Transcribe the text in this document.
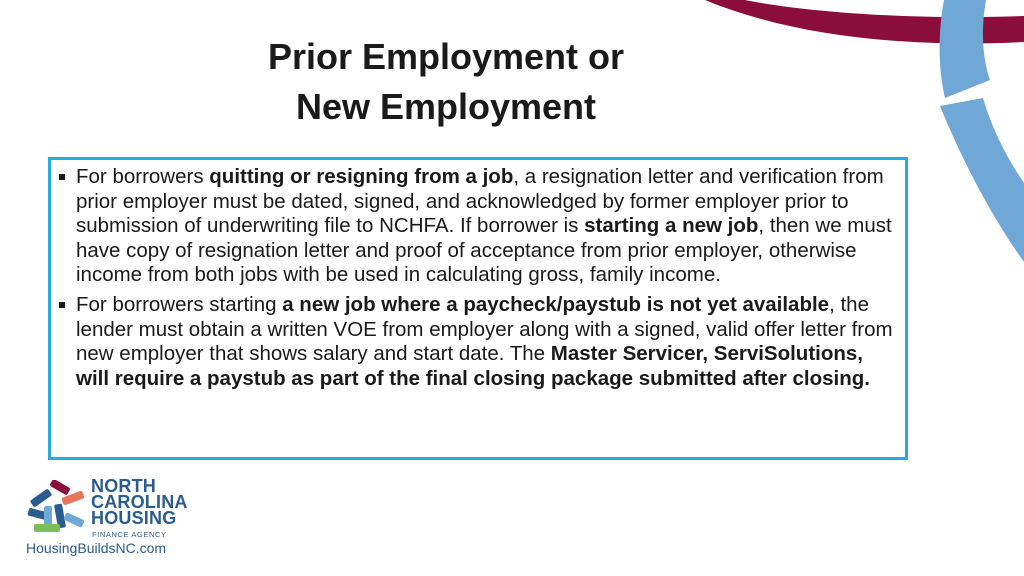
Prior Employment or
New Employment
For borrowers quitting or resigning from a job, a resignation letter and verification from prior employer must be dated, signed, and acknowledged by former employer prior to submission of underwriting file to NCHFA. If borrower is starting a new job, then we must have copy of resignation letter and proof of acceptance from prior employer, otherwise income from both jobs with be used in calculating gross, family income.
For borrowers starting a new job where a paycheck/paystub is not yet available, the lender must obtain a written VOE from employer along with a signed, valid offer letter from new employer that shows salary and start date. The Master Servicer, ServiSolutions, will require a paystub as part of the final closing package submitted after closing.
NORTH
CAROLINA
HOUSING
FINANCE AGENCY
HousingBuildsNC.com
